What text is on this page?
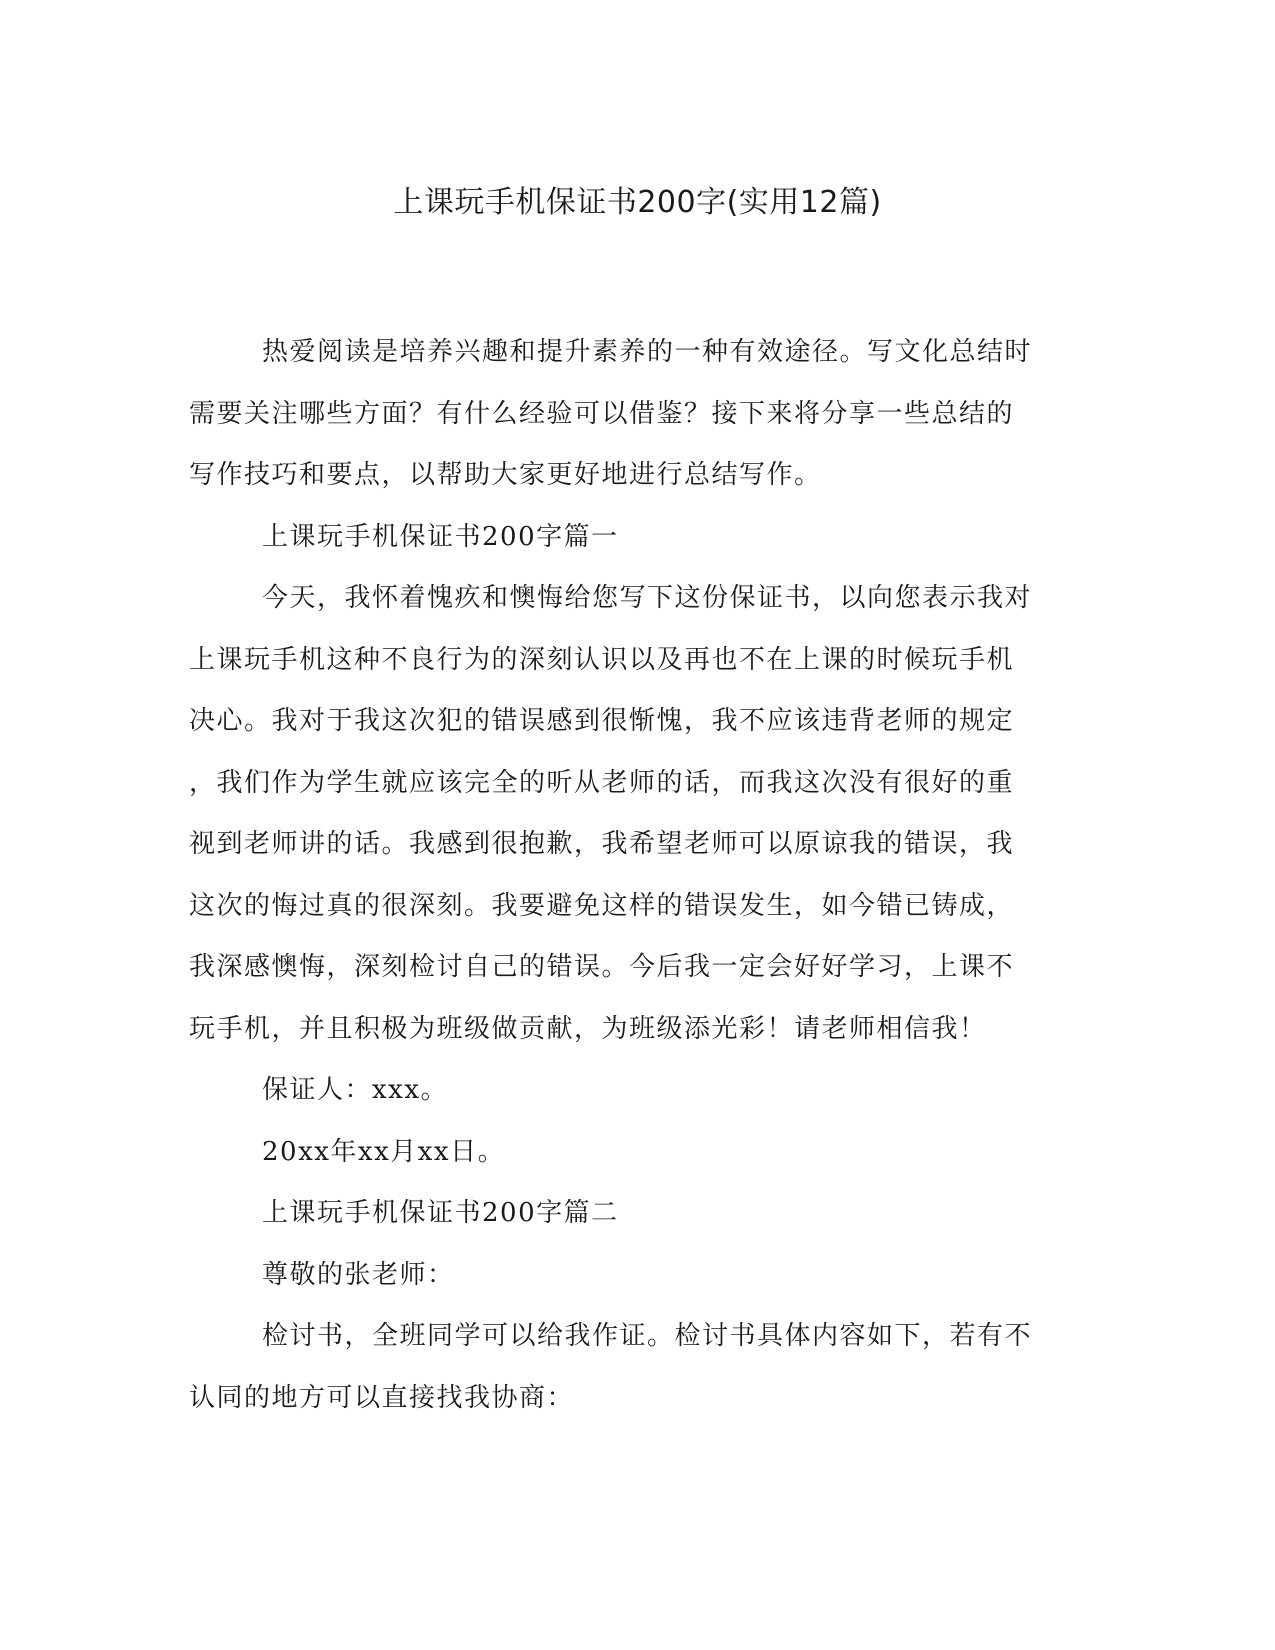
上课玩手机保证书200字(实用12篇)
热爱阅读是培养兴趣和提升素养的一种有效途径。写文化总结时
需要关注哪些方面？有什么经验可以借鉴？接下来将分享一些总结的
写作技巧和要点，以帮助大家更好地进行总结写作。
上课玩手机保证书200字篇一
今天，我怀着愧疚和懊悔给您写下这份保证书，以向您表示我对
上课玩手机这种不良行为的深刻认识以及再也不在上课的时候玩手机
决心。我对于我这次犯的错误感到很惭愧，我不应该违背老师的规定
，我们作为学生就应该完全的听从老师的话，而我这次没有很好的重
视到老师讲的话。我感到很抱歉，我希望老师可以原谅我的错误，我
这次的悔过真的很深刻。我要避免这样的错误发生，如今错已铸成，
我深感懊悔，深刻检讨自己的错误。今后我一定会好好学习，上课不
玩手机，并且积极为班级做贡献，为班级添光彩！请老师相信我！
保证人：xxx。
20xx年xx月xx日。
上课玩手机保证书200字篇二
尊敬的张老师：
检讨书，全班同学可以给我作证。检讨书具体内容如下，若有不
认同的地方可以直接找我协商：
